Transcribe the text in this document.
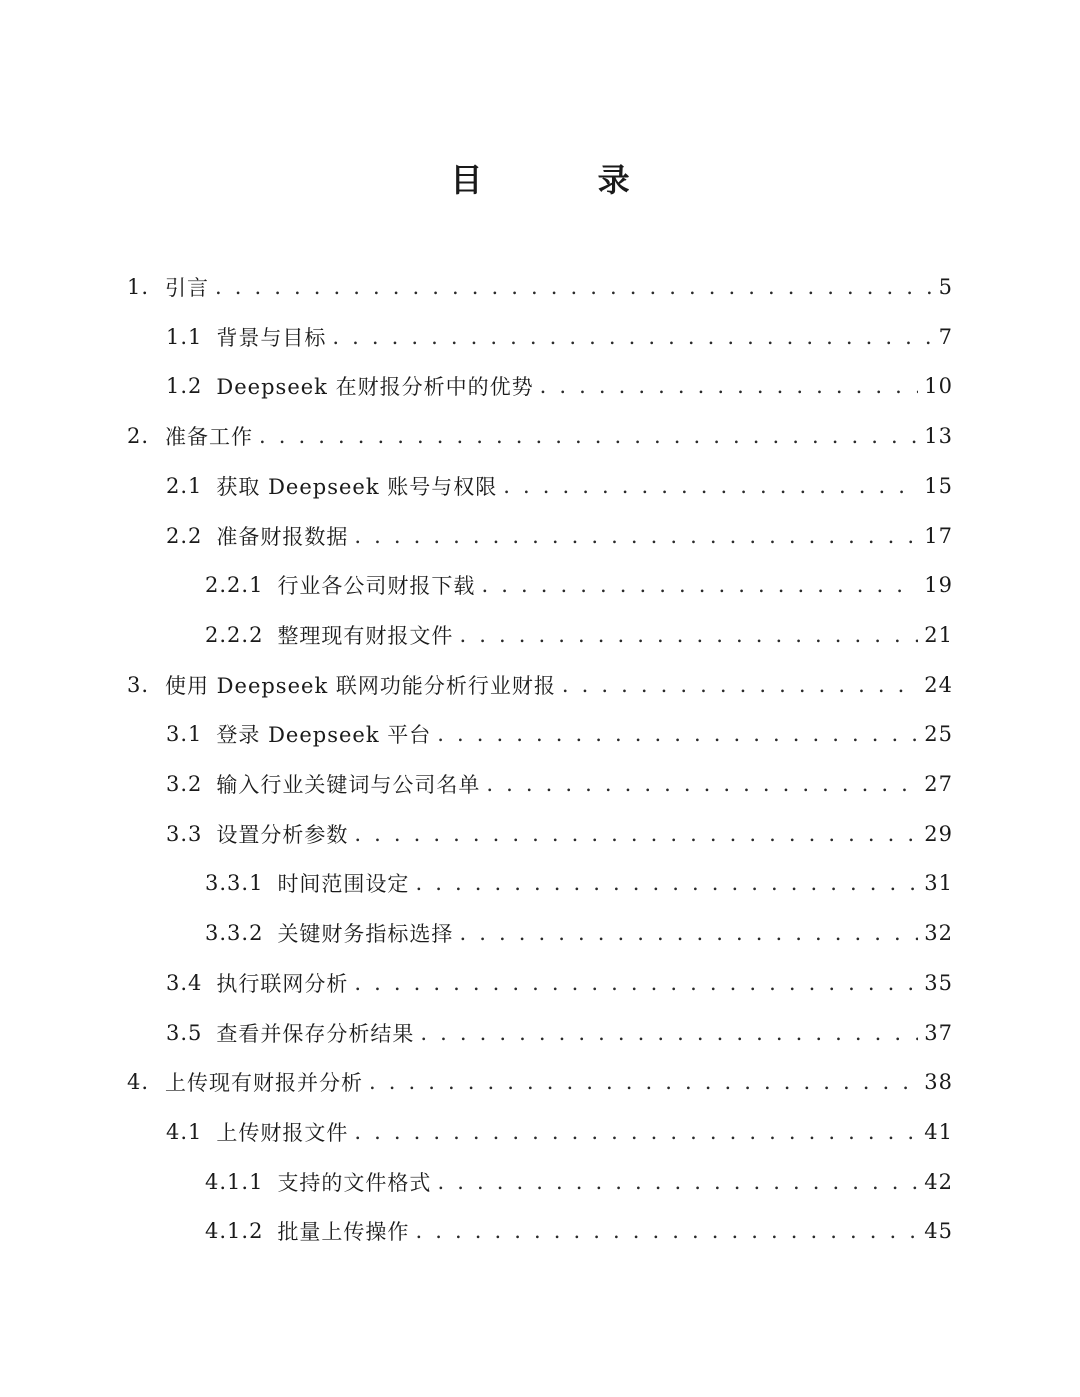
目 录
1. 引言 . . .	5
1.1 背景与目标 . . .	7
1.2 Deepseek 在财报分析中的优势 . . .	10
2. 准备工作 . . .	13
2.1 获取 Deepseek 账号与权限 . . .	15
2.2 准备财报数据 . . .	17
2.2.1 行业各公司财报下载 . . .	19
2.2.2 整理现有财报文件 . . .	21
3. 使用 Deepseek 联网功能分析行业财报 . . .	24
3.1 登录 Deepseek 平台 . . .	25
3.2 输入行业关键词与公司名单 . . .	27
3.3 设置分析参数 . . .	29
3.3.1 时间范围设定 . . .	31
3.3.2 关键财务指标选择 . . .	32
3.4 执行联网分析 . . .	35
3.5 查看并保存分析结果 . . .	37
4. 上传现有财报并分析 . . .	38
4.1 上传财报文件 . . .	41
4.1.1 支持的文件格式 . . .	42
4.1.2 批量上传操作 . . .	45
